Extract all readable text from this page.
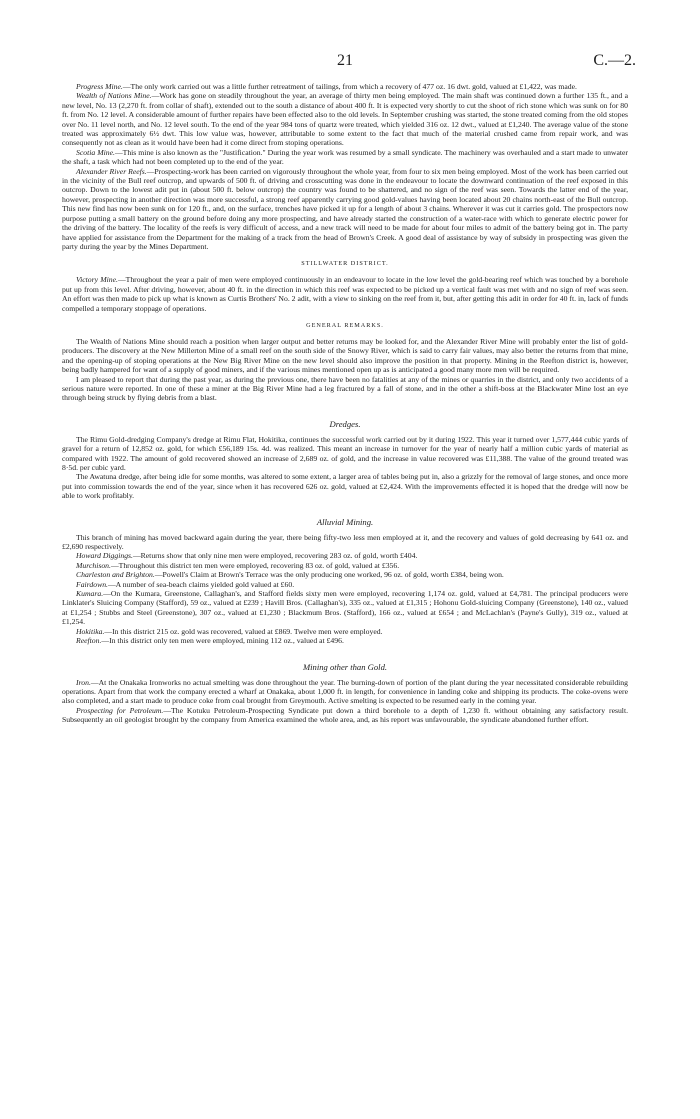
21	C.—2.

Progress Mine.—The only work carried out was a little further retreatment of tailings, from which a recovery of 477 oz. 16 dwt. gold, valued at £1,422, was made.

Wealth of Nations Mine.—Work has gone on steadily throughout the year, an average of thirty men being employed. The main shaft was continued down a further 135 ft., and a new level, No. 13 (2,270 ft. from collar of shaft), extended out to the south a distance of about 400 ft. It is expected very shortly to cut the shoot of rich stone which was sunk on for 80 ft. from No. 12 level. A considerable amount of further repairs have been effected also to the old levels. In September crushing was started, the stone treated coming from the old stopes over No. 11 level north, and No. 12 level south. To the end of the year 984 tons of quartz were treated, which yielded 316 oz. 12 dwt., valued at £1,240. The average value of the stone treated was approximately 6½ dwt. This low value was, however, attributable to some extent to the fact that much of the material crushed came from repair work, and was consequently not as clean as it would have been had it come direct from stoping operations.

Scotia Mine.—This mine is also known as the "Justification." During the year work was resumed by a small syndicate. The machinery was overhauled and a start made to unwater the shaft, a task which had not been completed up to the end of the year.

Alexander River Reefs.—Prospecting-work has been carried on vigorously throughout the whole year, from four to six men being employed. Most of the work has been carried out in the vicinity of the Bull reef outcrop, and upwards of 500 ft. of driving and crosscutting was done in the endeavour to locate the downward continuation of the reef exposed in this outcrop. Down to the lowest adit put in (about 500 ft. below outcrop) the country was found to be shattered, and no sign of the reef was seen. Towards the latter end of the year, however, prospecting in another direction was more successful, a strong reef apparently carrying good gold-values having been located about 20 chains north-east of the Bull outcrop. This new find has now been sunk on for 120 ft., and, on the surface, trenches have picked it up for a length of about 3 chains. Wherever it was cut it carries gold. The prospectors now purpose putting a small battery on the ground before doing any more prospecting, and have already started the construction of a water-race with which to generate electric power for the driving of the battery. The locality of the reefs is very difficult of access, and a new track will need to be made for about four miles to admit of the battery being got in. The party have applied for assistance from the Department for the making of a track from the head of Brown's Creek. A good deal of assistance by way of subsidy in prospecting was given the party during the year by the Mines Department.

STILLWATER DISTRICT.

Victory Mine.—Throughout the year a pair of men were employed continuously in an endeavour to locate in the low level the gold-bearing reef which was touched by a borehole put up from this level. After driving, however, about 40 ft. in the direction in which this reef was expected to be picked up a vertical fault was met with and no sign of reef was seen. An effort was then made to pick up what is known as Curtis Brothers' No. 2 adit, with a view to sinking on the reef from it, but, after getting this adit in order for 40 ft. in, lack of funds compelled a temporary stoppage of operations.

GENERAL REMARKS.

The Wealth of Nations Mine should reach a position when larger output and better returns may be looked for, and the Alexander River Mine will probably enter the list of gold-producers. The discovery at the New Millerton Mine of a small reef on the south side of the Snowy River, which is said to carry fair values, may also better the returns from that mine, and the opening-up of stoping operations at the New Big River Mine on the new level should also improve the position in that property. Mining in the Reefton district is, however, being badly hampered for want of a supply of good miners, and if the various mines mentioned open up as is anticipated a good many more men will be required.

I am pleased to report that during the past year, as during the previous one, there have been no fatalities at any of the mines or quarries in the district, and only two accidents of a serious nature were reported. In one of these a miner at the Big River Mine had a leg fractured by a fall of stone, and in the other a shift-boss at the Blackwater Mine lost an eye through being struck by flying debris from a blast.

Dredges.

The Rimu Gold-dredging Company's dredge at Rimu Flat, Hokitika, continues the successful work carried out by it during 1922. This year it turned over 1,577,444 cubic yards of gravel for a return of 12,852 oz. gold, for which £56,189 15s. 4d. was realized. This meant an increase in turnover for the year of nearly half a million cubic yards of material as compared with 1922. The amount of gold recovered showed an increase of 2,689 oz. of gold, and the increase in value recovered was £11,388. The value of the ground treated was 8·5d. per cubic yard.

The Awatuna dredge, after being idle for some months, was altered to some extent, a larger area of tables being put in, also a grizzly for the removal of large stones, and once more put into commission towards the end of the year, since when it has recovered 626 oz. gold, valued at £2,424. With the improvements effected it is hoped that the dredge will now be able to work profitably.

Alluvial Mining.

This branch of mining has moved backward again during the year, there being fifty-two less men employed at it, and the recovery and values of gold decreasing by 641 oz. and £2,690 respectively.

Howard Diggings.—Returns show that only nine men were employed, recovering 283 oz. of gold, worth £404.

Murchison.—Throughout this district ten men were employed, recovering 83 oz. of gold, valued at £356.

Charleston and Brighton.—Powell's Claim at Brown's Terrace was the only producing one worked, 96 oz. of gold, worth £384, being won.

Fairdown.—A number of sea-beach claims yielded gold valued at £60.

Kumara.—On the Kumara, Greenstone, Callaghan's, and Stafford fields sixty men were employed, recovering 1,174 oz. gold, valued at £4,781. The principal producers were Linklater's Sluicing Company (Stafford), 59 oz., valued at £239 ; Havill Bros. (Callaghan's), 335 oz., valued at £1,315 ; Hohonu Gold-sluicing Company (Greenstone), 140 oz., valued at £1,254 ; Stubbs and Steel (Greenstone), 307 oz., valued at £1,230 ; Blackmum Bros. (Stafford), 166 oz., valued at £654 ; and McLachlan's (Payne's Gully), 319 oz., valued at £1,254.

Hokitika.—In this district 215 oz. gold was recovered, valued at £869. Twelve men were employed.

Reefton.—In this district only ten men were employed, mining 112 oz., valued at £496.

Mining other than Gold.

Iron.—At the Onakaka Ironworks no actual smelting was done throughout the year. The burning-down of portion of the plant during the year necessitated considerable rebuilding operations. Apart from that work the company erected a wharf at Onakaka, about 1,000 ft. in length, for convenience in landing coke and shipping its products. The coke-ovens were also completed, and a start made to produce coke from coal brought from Greymouth. Active smelting is expected to be resumed early in the coming year.

Prospecting for Petroleum.—The Kotuku Petroleum-Prospecting Syndicate put down a third borehole to a depth of 1,230 ft. without obtaining any satisfactory result. Subsequently an oil geologist brought by the company from America examined the whole area, and, as his report was unfavourable, the syndicate abandoned further effort.
